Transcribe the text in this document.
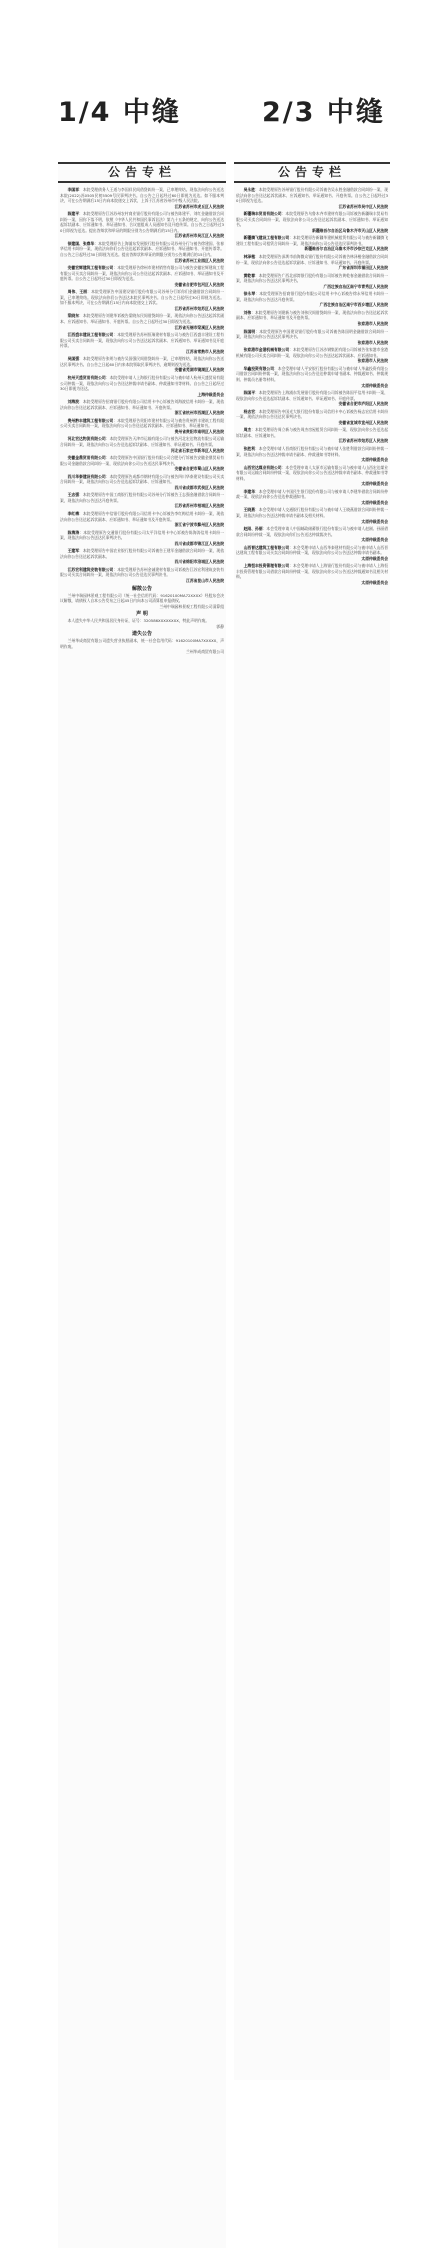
1/4 中缝	2/3 中缝
公告专栏

李国祥：本院受理债务人王道与李国祥民间借贷纠纷一案，已审理终结。现依法向你公告送达本院(2022)苏0505民初5509号民事判决书。自公告之日起经过60日即视为送达。如不服本判决，可在公告期满后15日内向本院递交上诉状，上诉于江苏省苏州市中级人民法院。

江苏省苏州市虎丘区人民法院

陈建平：本院受理原告江苏苏州农村商业银行股份有限公司与被告陈建平、刘红金融借款合同纠纷一案，因你下落不明，依照《中华人民共和国民事诉讼法》第九十五条的规定，向你公告送达起诉状副本、应诉通知书、举证通知书、合议庭组成人员通知书及开庭传票。自公告之日起经过30日即视为送达。提出答辩状和举证的期限分别为公告期满后的15日内。

江苏省苏州市吴江区人民法院

徐建国、张春华：本院受理原告上海浦东发展银行股份有限公司苏州分行与被告徐建国、张春华信用卡纠纷一案，现依法向你们公告送达起诉状副本、应诉通知书、举证通知书、开庭传票等。自公告之日起经过30日即视为送达。提出答辩状和举证的期限分别为公告期满后的15日内。

江苏省苏州工业园区人民法院

安徽宏辉建筑工程有限公司：本院受理原告徐州市建材销售有限公司与被告安徽宏辉建筑工程有限公司买卖合同纠纷一案，现依法向你公司公告送达起诉状副本、应诉通知书、举证通知书及开庭传票。自公告之日起经过30日即视为送达。

安徽省合肥市包河区人民法院

周伟、王丽：本院受理原告中国建设银行股份有限公司苏州分行诉你们金融借款合同纠纷一案，已审理终结。现依法向你们公告送达本院民事判决书。自公告之日起经过30日即视为送达。如不服本判决，可在公告期满后15日内向本院递交上诉状。

江苏省苏州市姑苏区人民法院

梁晓东：本院受理原告刘建华诉被告梁晓东民间借贷纠纷一案，现依法向你公告送达起诉状副本、应诉通知书、举证通知书、开庭传票。自公告之日起经过30日即视为送达。

江苏省无锡市梁溪区人民法院

江西盛丰建设工程有限公司：本院受理原告苏州恒瑞建材有限公司与被告江西盛丰建设工程有限公司买卖合同纠纷一案，现依法向你公司公告送达起诉状副本、应诉通知书、举证通知书及开庭传票。

江苏省常熟市人民法院

吴国强：本院受理原告张明与被告吴国强民间借贷纠纷一案，已审理终结，现依法向你公告送达民事判决书。自公告之日起60日内来本院领取民事判决书，逾期则视为送达。

安徽省芜湖市镜湖区人民法院

杭州天盛贸易有限公司：本院受理申请人上海银行股份有限公司与被申请人杭州天盛贸易有限公司仲裁一案，现依法向你公司公告送达仲裁申请书副本、仲裁通知书等材料。自公告之日起经过30日即视为送达。

上海仲裁委员会

刘海波：本院受理原告招商银行股份有限公司信用卡中心诉被告刘海波信用卡纠纷一案，现依法向你公告送达起诉状副本、应诉通知书、举证通知书、开庭传票。

浙江省杭州市西湖区人民法院

贵州黔丰建筑工程有限公司：本院受理原告贵阳市建材有限公司与被告贵州黔丰建筑工程有限公司买卖合同纠纷一案，现依法向你公司公告送达起诉状副本、应诉通知书、举证通知书。

贵州省贵阳市南明区人民法院

河北宏达物流有限公司：本院受理原告天津市运输有限公司与被告河北宏达物流有限公司运输合同纠纷一案，现依法向你公司公告送达起诉状副本、应诉通知书、举证通知书、开庭传票。

河北省石家庄市新华区人民法院

安徽金鼎贸易有限公司：本院受理原告中国银行股份有限公司合肥分行诉被告安徽金鼎贸易有限公司金融借款合同纠纷一案，现依法向你公司公告送达民事判决书。

安徽省合肥市蜀山区人民法院

四川华泰建设有限公司：本院受理原告成都市钢材有限公司与被告四川华泰建设有限公司买卖合同纠纷一案，现依法向你公司公告送达起诉状副本、应诉通知书。

四川省成都市武侯区人民法院

王志强：本院受理原告中国工商银行股份有限公司苏州分行诉被告王志强金融借款合同纠纷一案，现依法向你公告送达开庭传票。

江苏省苏州市相城区人民法院

李红梅：本院受理原告中信银行股份有限公司信用卡中心诉被告李红梅信用卡纠纷一案，现依法向你公告送达起诉状副本、应诉通知书、举证通知书及开庭传票。

浙江省宁波市鄞州区人民法院

陈海涛：本院受理原告交通银行股份有限公司太平洋信用卡中心诉被告陈海涛信用卡纠纷一案，现依法向你公告送达民事判决书。

四川省成都市锦江区人民法院

王建军：本院受理原告中国农业银行股份有限公司诉被告王建军金融借款合同纠纷一案，现依法向你公告送达起诉状副本。

四川省绵阳市涪城区人民法院

江苏宏利建筑安装有限公司：本院受理原告苏州金诚建材有限公司诉被告江苏宏利建筑安装有限公司买卖合同纠纷一案，现依法向你公司公告送达民事判决书。

江苏省昆山市人民法院

解散公告

兰州中瑞园林景观工程有限公司（统一社会信用代码：91620100MA72XXXX）经股东会决议解散，请债权人自本公告发布之日起45日内向本公司清算组申报债权。

兰州中瑞园林景观工程有限公司清算组

声 明

本人遗失中华人民共和国居民身份证，证号：320586XXXXXXXX，特此声明作废。

郭静

遗失公告

兰州华成商贸有限公司遗失营业执照副本，统一社会信用代码：91620100MA7XXXXX，声明作废。

兰州华成商贸有限公司

公告专栏

吴永胜：本院受理原告苏州银行股份有限公司诉被告吴永胜金融借款合同纠纷一案，现依法向你公告送达起诉状副本、应诉通知书、举证通知书、开庭传票。自公告之日起经过30日即视为送达。

江苏省苏州市吴中区人民法院

新疆瑞丰贸易有限公司：本院受理原告乌鲁木齐市建材有限公司诉被告新疆瑞丰贸易有限公司买卖合同纠纷一案，现依法向你公司公告送达起诉状副本、应诉通知书、举证通知书。

新疆维吾尔自治区乌鲁木齐市天山区人民法院

新疆腾飞建设工程有限公司：本院受理原告新疆华建机械租赁有限公司与被告新疆腾飞建设工程有限公司租赁合同纠纷一案，现依法向你公司公告送达民事判决书。

新疆维吾尔自治区乌鲁木齐市沙依巴克区人民法院

林泽楷：本院受理原告深圳市前海微众银行股份有限公司诉被告林泽楷金融借款合同纠纷一案，现依法向你公告送达起诉状副本、应诉通知书、举证通知书、开庭传票。

广东省深圳市福田区人民法院

黄乾春：本院受理原告广西北部湾银行股份有限公司诉被告黄乾春金融借款合同纠纷一案，现依法向你公告送达民事判决书。

广西壮族自治区南宁市青秀区人民法院

徐永琴：本院受理原告招商银行股份有限公司信用卡中心诉被告徐永琴信用卡纠纷一案，现依法向你公告送达开庭传票。

广西壮族自治区南宁市西乡塘区人民法院

刘伟：本院受理原告刘建新与被告刘伟民间借贷纠纷一案，现依法向你公告送达起诉状副本、应诉通知书、举证通知书及开庭传票。

张家港市人民法院

陈国明：本院受理原告中国建设银行股份有限公司诉被告陈国明金融借款合同纠纷一案，现依法向你公告送达民事判决书。

张家港市人民法院

张家港市金港机械有限公司：本院受理原告江苏沙钢集团有限公司诉被告张家港市金港机械有限公司买卖合同纠纷一案，现依法向你公司公告送达起诉状副本、应诉通知书。

张家港市人民法院

华鑫投资有限公司：本会受理申请人平安银行股份有限公司与被申请人华鑫投资有限公司借款合同纠纷仲裁一案，现依法向你公司公告送达仲裁申请书副本、仲裁通知书、仲裁规则、仲裁员名册等材料。

太原仲裁委员会

陈国平：本院受理原告上海浦东发展银行股份有限公司诉被告陈国平信用卡纠纷一案，现依法向你公告送达起诉状副本、应诉通知书、举证通知书、开庭传票。

安徽省合肥市庐阳区人民法院

杨志宏：本院受理原告中国光大银行股份有限公司信用卡中心诉被告杨志宏信用卡纠纷一案，现依法向你公告送达民事判决书。

安徽省宣城市宣州区人民法院

周杰：本院受理原告周立新与被告周杰房屋租赁合同纠纷一案，现依法向你公告送达起诉状副本、应诉通知书。

江苏省苏州市姑苏区人民法院

张胜利：本会受理申请人晋商银行股份有限公司与被申请人张胜利借款合同纠纷仲裁一案，现依法向你公告送达仲裁申请书副本、仲裁通知书等材料。

太原仲裁委员会

山西宏达煤业有限公司：本会受理申请人太原市运输有限公司与被申请人山西宏达煤业有限公司运输合同纠纷仲裁一案，现依法向你公司公告送达仲裁申请书副本、仲裁通知书等材料。

太原仲裁委员会

李建华：本会受理申请人中国民生银行股份有限公司与被申请人李建华借款合同纠纷仲裁一案，现依法向你公告送达仲裁通知书。

太原仲裁委员会

王晓燕：本会受理申请人交通银行股份有限公司与被申请人王晓燕借款合同纠纷仲裁一案，现依法向你公告送达仲裁申请书副本及相关材料。

太原仲裁委员会

赵刚、孙丽：本会受理申请人中国邮政储蓄银行股份有限公司与被申请人赵刚、孙丽借款合同纠纷仲裁一案，现依法向你们公告送达仲裁裁决书。

太原仲裁委员会

山西晋达建筑工程有限公司：本会受理申请人山西华泰建材有限公司与被申请人山西晋达建筑工程有限公司买卖合同纠纷仲裁一案，现依法向你公司公告送达仲裁申请书副本。

太原仲裁委员会

上海恒丰投资管理有限公司：本会受理申请人上海银行股份有限公司与被申请人上海恒丰投资管理有限公司借款合同纠纷仲裁一案，现依法向你公司公告送达仲裁通知书及相关材料。

太原仲裁委员会
